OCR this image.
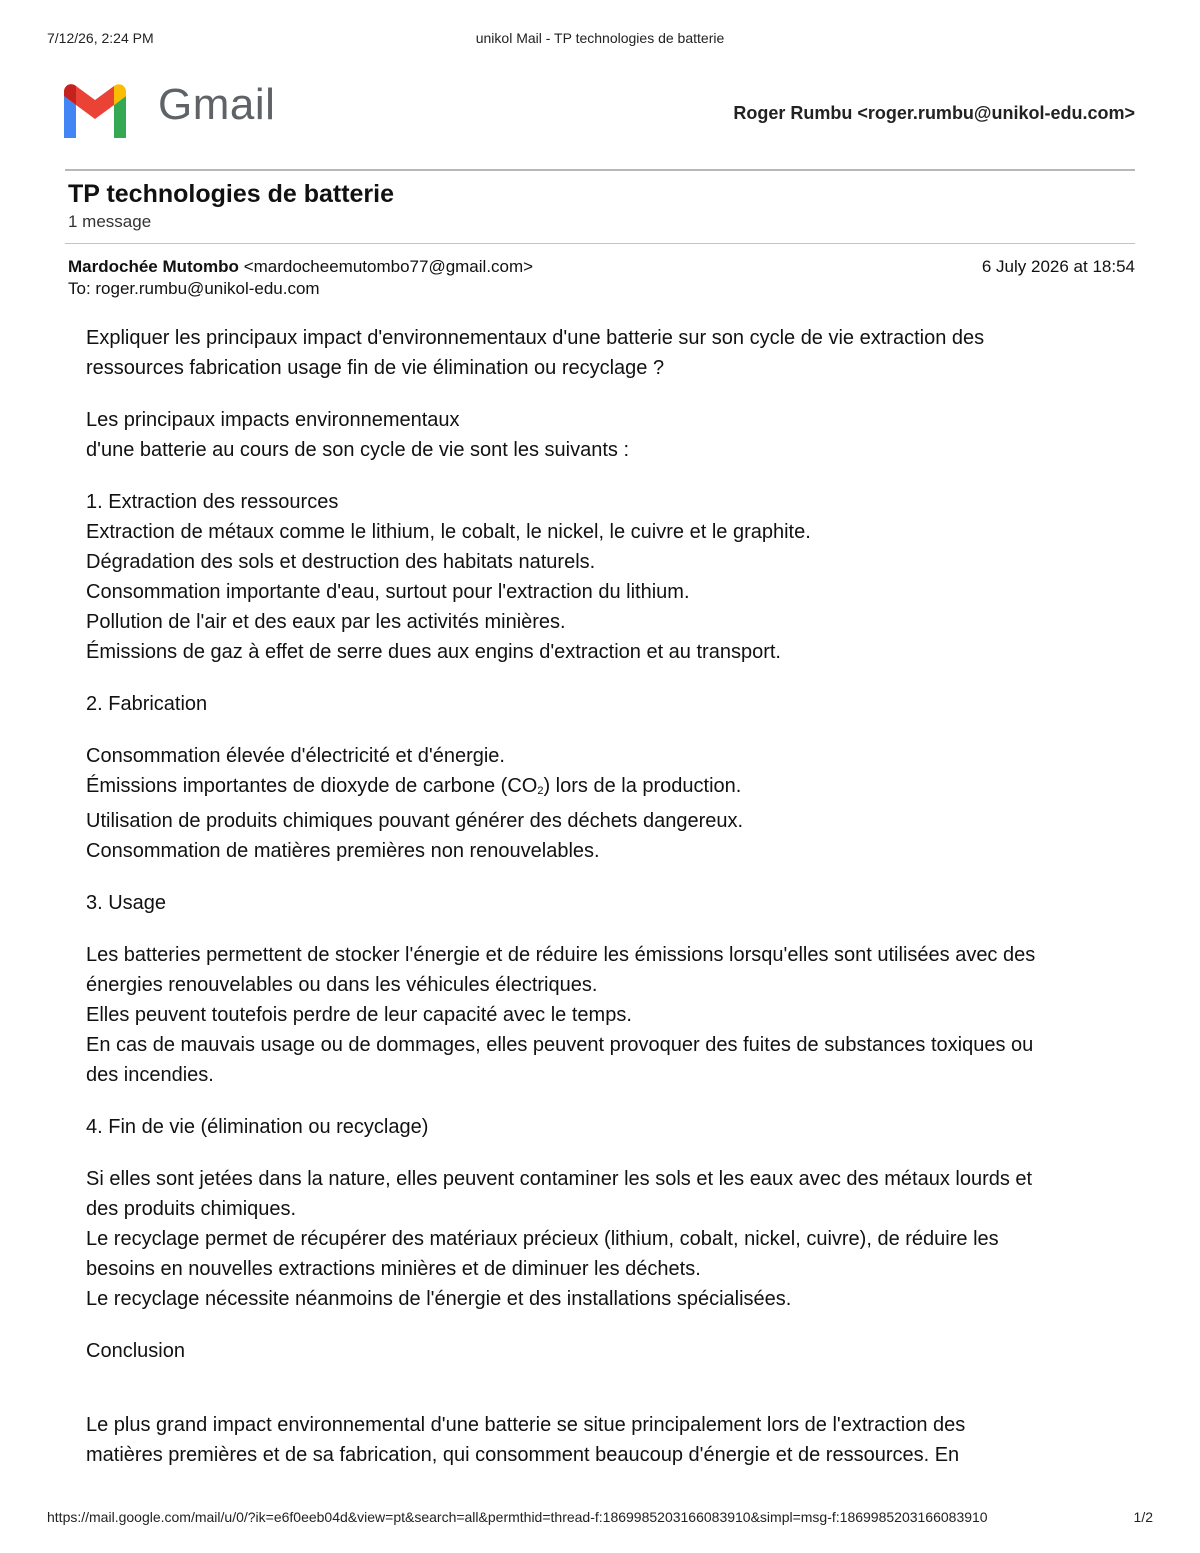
7/12/26, 2:24 PM	unikol Mail - TP technologies de batterie
Gmail	Roger Rumbu <roger.rumbu@unikol-edu.com>
TP technologies de batterie
1 message
Mardochée Mutombo <mardocheemutombo77@gmail.com>	6 July 2026 at 18:54
To: roger.rumbu@unikol-edu.com

Expliquer les principaux impact d'environnementaux d'une batterie sur son cycle de vie extraction des

ressources fabrication usage fin de vie élimination ou recyclage ?

Les principaux impacts environnementaux

d'une batterie au cours de son cycle de vie sont les suivants :

1. Extraction des ressources

Extraction de métaux comme le lithium, le cobalt, le nickel, le cuivre et le graphite.

Dégradation des sols et destruction des habitats naturels.

Consommation importante d'eau, surtout pour l'extraction du lithium.

Pollution de l'air et des eaux par les activités minières.

Émissions de gaz à effet de serre dues aux engins d'extraction et au transport.

2. Fabrication

Consommation élevée d'électricité et d'énergie.

Émissions importantes de dioxyde de carbone $(CO_2)$ lors de la production.

Utilisation de produits chimiques pouvant générer des déchets dangereux.

Consommation de matières premières non renouvelables.

3. Usage

Les batteries permettent de stocker l'énergie et de réduire les émissions lorsqu'elles sont utilisées avec des

énergies renouvelables ou dans les véhicules électriques.

Elles peuvent toutefois perdre de leur capacité avec le temps.

En cas de mauvais usage ou de dommages, elles peuvent provoquer des fuites de substances toxiques ou

des incendies.

4. Fin de vie (élimination ou recyclage)

Si elles sont jetées dans la nature, elles peuvent contaminer les sols et les eaux avec des métaux lourds et

des produits chimiques.

Le recyclage permet de récupérer des matériaux précieux (lithium, cobalt, nickel, cuivre), de réduire les

besoins en nouvelles extractions minières et de diminuer les déchets.

Le recyclage nécessite néanmoins de l'énergie et des installations spécialisées.

Conclusion

Le plus grand impact environnemental d'une batterie se situe principalement lors de l'extraction des

matières premières et de sa fabrication, qui consomment beaucoup d'énergie et de ressources. En

https://mail.google.com/mail/u/0/?ik=e6f0eeb04d&view=pt&search=all&permthid=thread-f:1869985203166083910&simpl=msg-f:1869985203166083910	1/2
